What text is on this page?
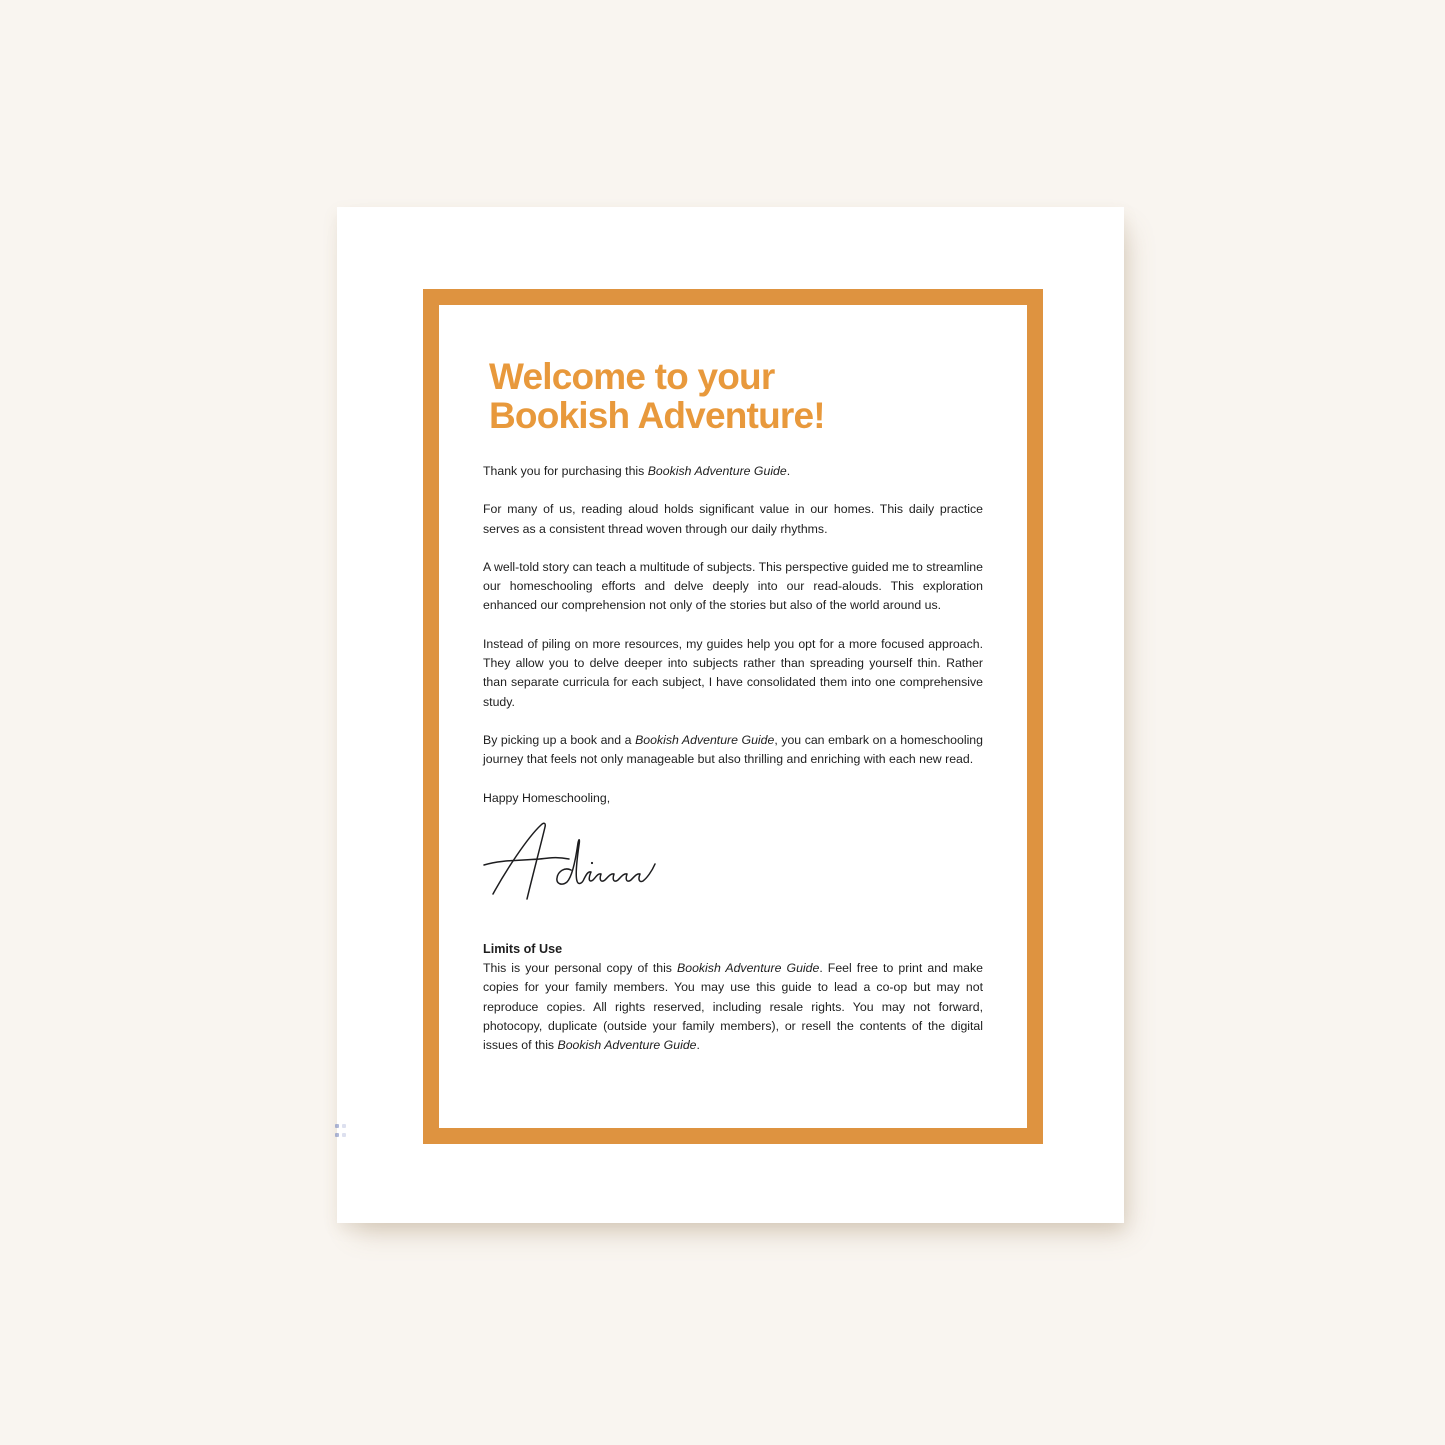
Welcome to your
Bookish Adventure!

Thank you for purchasing this Bookish Adventure Guide.

For many of us, reading aloud holds significant value in our homes. This daily practice serves as a consistent thread woven through our daily rhythms.

A well-told story can teach a multitude of subjects. This perspective guided me to streamline our homeschooling efforts and delve deeply into our read-alouds. This exploration enhanced our comprehension not only of the stories but also of the world around us.

Instead of piling on more resources, my guides help you opt for a more focused approach. They allow you to delve deeper into subjects rather than spreading yourself thin. Rather than separate curricula for each subject, I have consolidated them into one comprehensive study.

By picking up a book and a Bookish Adventure Guide, you can embark on a homeschooling journey that feels not only manageable but also thrilling and enriching with each new read.

Happy Homeschooling,

Limits of Use

This is your personal copy of this Bookish Adventure Guide. Feel free to print and make copies for your family members. You may use this guide to lead a co-op but may not reproduce copies. All rights reserved, including resale rights. You may not forward, photocopy, duplicate (outside your family members), or resell the contents of the digital issues of this Bookish Adventure Guide.
